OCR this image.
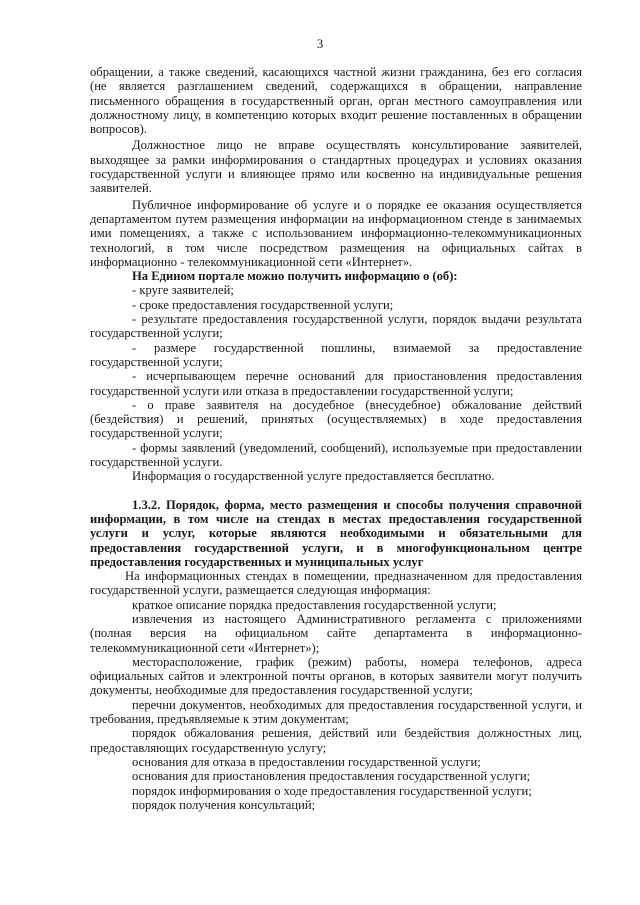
3

обращении, а также сведений, касающихся частной жизни гражданина, без его согласия (не является разглашением сведений, содержащихся в обращении, направление письменного обращения в государственный орган, орган местного самоуправления или должностному лицу, в компетенцию которых входит решение поставленных в обращении вопросов).

Должностное лицо не вправе осуществлять консультирование заявителей, выходящее за рамки информирования о стандартных процедурах и условиях оказания государственной услуги и влияющее прямо или косвенно на индивидуальные решения заявителей.

Публичное информирование об услуге и о порядке ее оказания осуществляется департаментом путем размещения информации на информационном стенде в занимаемых ими помещениях, а также с использованием информационно-телекоммуникационных технологий, в том числе посредством размещения на официальных сайтах в информационно - телекоммуникационной сети «Интернет».

На Едином портале можно получить информацию о (об):

- круге заявителей;

- сроке предоставления государственной услуги;

- результате предоставления государственной услуги, порядок выдачи результата государственной услуги;

- размере государственной пошлины, взимаемой за предоставление государственной услуги;

- исчерпывающем перечне оснований для приостановления предоставления государственной услуги или отказа в предоставлении государственной услуги;

- о праве заявителя на досудебное (внесудебное) обжалование действий (бездействия) и решений, принятых (осуществляемых) в ходе предоставления государственной услуги;

- формы заявлений (уведомлений, сообщений), используемые при предоставлении государственной услуги.

Информация о государственной услуге предоставляется бесплатно.

1.3.2. Порядок, форма, место размещения и способы получения справочной информации, в том числе на стендах в местах предоставления государственной услуги и услуг, которые являются необходимыми и обязательными для предоставления государственной услуги, и в многофункциональном центре предоставления государственных и муниципальных услуг

На информационных стендах в помещении, предназначенном для предоставления государственной услуги, размещается следующая информация:

краткое описание порядка предоставления государственной услуги;

извлечения из настоящего Административного регламента с приложениями (полная версия на официальном сайте департамента в информационно-телекоммуникационной сети «Интернет»);

месторасположение, график (режим) работы, номера телефонов, адреса официальных сайтов и электронной почты органов, в которых заявители могут получить документы, необходимые для предоставления государственной услуги;

перечни документов, необходимых для предоставления государственной услуги, и требования, предъявляемые к этим документам;

порядок обжалования решения, действий или бездействия должностных лиц, предоставляющих государственную услугу;

основания для отказа в предоставлении государственной услуги;

основания для приостановления предоставления государственной услуги;

порядок информирования о ходе предоставления государственной услуги;

порядок получения консультаций;
